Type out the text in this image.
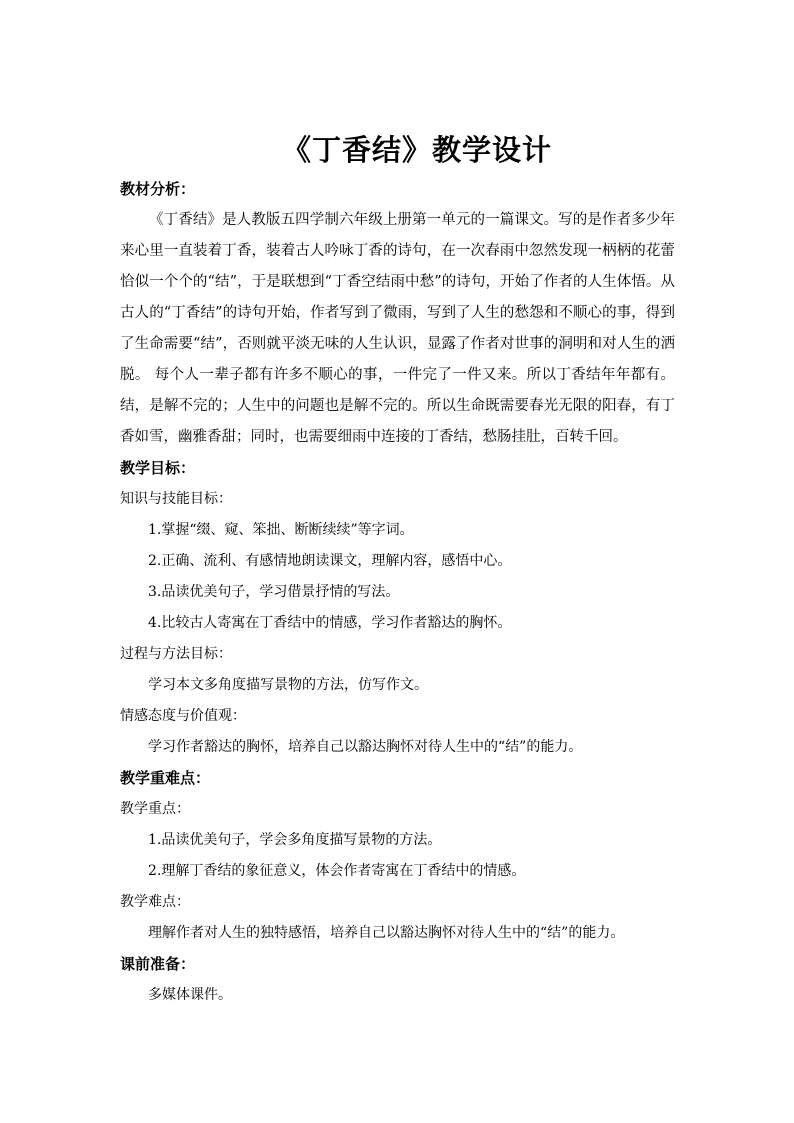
《丁香结》教学设计
教材分析：
《丁香结》是人教版五四学制六年级上册第一单元的一篇课文。写的是作者多少年来心里一直装着丁香，装着古人吟咏丁香的诗句，在一次春雨中忽然发现一柄柄的花蕾恰似一个个的“结”，于是联想到“丁香空结雨中愁”的诗句，开始了作者的人生体悟。从古人的“丁香结”的诗句开始，作者写到了微雨，写到了人生的愁怨和不顺心的事，得到了生命需要“结”，否则就平淡无味的人生认识，显露了作者对世事的洞明和对人生的洒脱。 每个人一辈子都有许多不顺心的事，一件完了一件又来。所以丁香结年年都有。结，是解不完的；人生中的问题也是解不完的。所以生命既需要春光无限的阳春，有丁香如雪，幽雅香甜；同时，也需要细雨中连接的丁香结，愁肠挂肚，百转千回。
教学目标：
知识与技能目标：
1.掌握“缀、窥、笨拙、断断续续”等字词。
2.正确、流利、有感情地朗读课文，理解内容，感悟中心。
3.品读优美句子，学习借景抒情的写法。
4.比较古人寄寓在丁香结中的情感，学习作者豁达的胸怀。
过程与方法目标：
学习本文多角度描写景物的方法，仿写作文。
情感态度与价值观：
学习作者豁达的胸怀，培养自己以豁达胸怀对待人生中的“结”的能力。
教学重难点：
教学重点：
1.品读优美句子，学会多角度描写景物的方法。
2.理解丁香结的象征意义，体会作者寄寓在丁香结中的情感。
教学难点：
理解作者对人生的独特感悟，培养自己以豁达胸怀对待人生中的“结”的能力。
课前准备：
多媒体课件。
